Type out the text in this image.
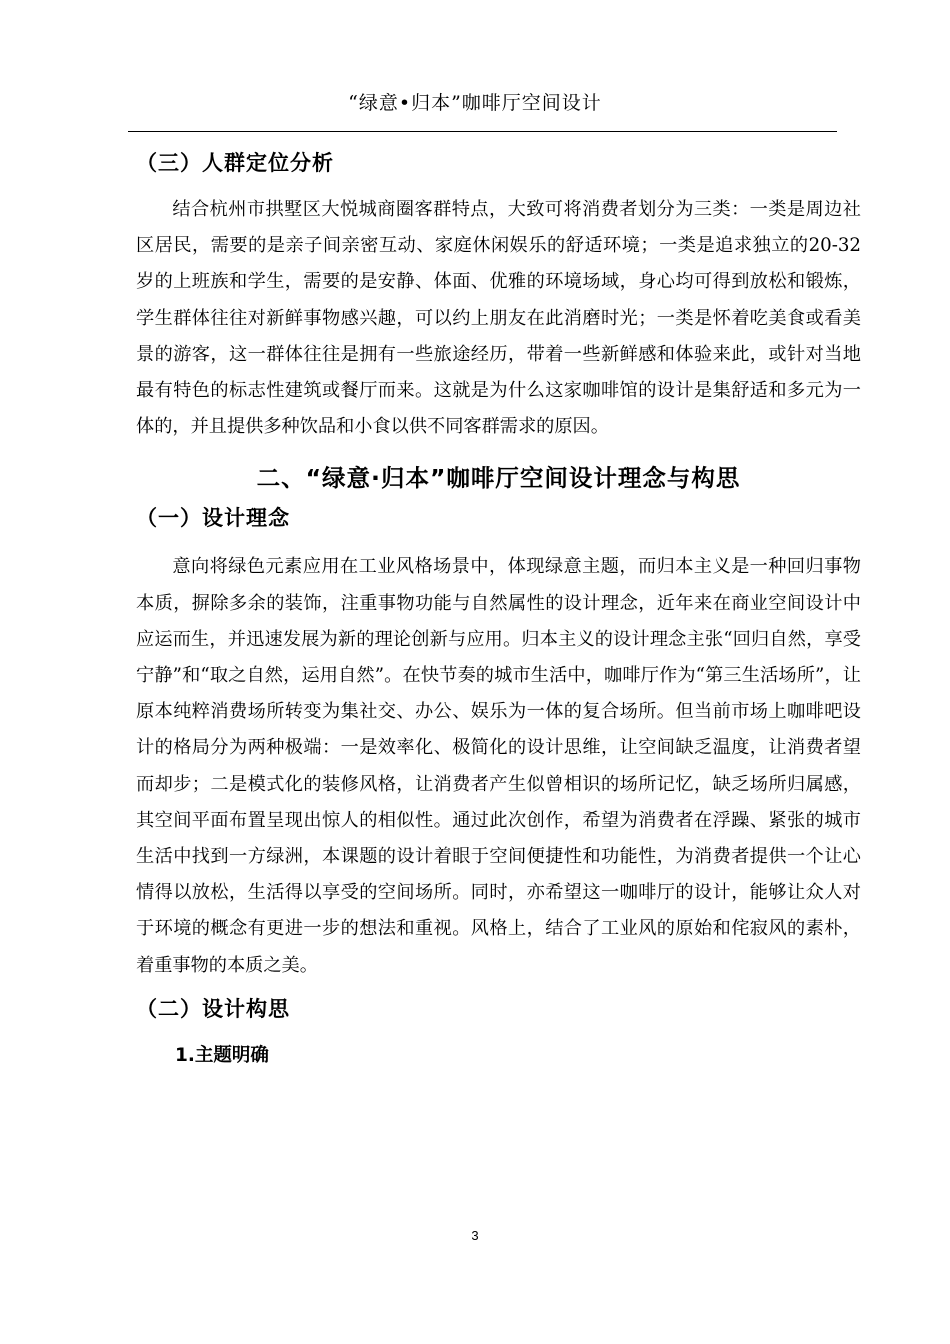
“绿意•归本”咖啡厅空间设计
（三）人群定位分析

结合杭州市拱墅区大悦城商圈客群特点，大致可将消费者划分为三类：一类是周边社区居民，需要的是亲子间亲密互动、家庭休闲娱乐的舒适环境；一类是追求独立的20-32岁的上班族和学生，需要的是安静、体面、优雅的环境场域，身心均可得到放松和锻炼，学生群体往往对新鲜事物感兴趣，可以约上朋友在此消磨时光；一类是怀着吃美食或看美景的游客，这一群体往往是拥有一些旅途经历，带着一些新鲜感和体验来此，或针对当地最有特色的标志性建筑或餐厅而来。这就是为什么这家咖啡馆的设计是集舒适和多元为一体的，并且提供多种饮品和小食以供不同客群需求的原因。

二、“绿意·归本”咖啡厅空间设计理念与构思
（一）设计理念

意向将绿色元素应用在工业风格场景中，体现绿意主题，而归本主义是一种回归事物本质，摒除多余的装饰，注重事物功能与自然属性的设计理念，近年来在商业空间设计中应运而生，并迅速发展为新的理论创新与应用。归本主义的设计理念主张“回归自然，享受宁静”和“取之自然，运用自然”。在快节奏的城市生活中，咖啡厅作为“第三生活场所”，让原本纯粹消费场所转变为集社交、办公、娱乐为一体的复合场所。但当前市场上咖啡吧设计的格局分为两种极端：一是效率化、极简化的设计思维，让空间缺乏温度，让消费者望而却步；二是模式化的装修风格，让消费者产生似曾相识的场所记忆，缺乏场所归属感，其空间平面布置呈现出惊人的相似性。通过此次创作，希望为消费者在浮躁、紧张的城市生活中找到一方绿洲，本课题的设计着眼于空间便捷性和功能性，为消费者提供一个让心情得以放松，生活得以享受的空间场所。同时，亦希望这一咖啡厅的设计，能够让众人对于环境的概念有更进一步的想法和重视。风格上，结合了工业风的原始和侘寂风的素朴，着重事物的本质之美。

（二）设计构思
1.主题明确
3
